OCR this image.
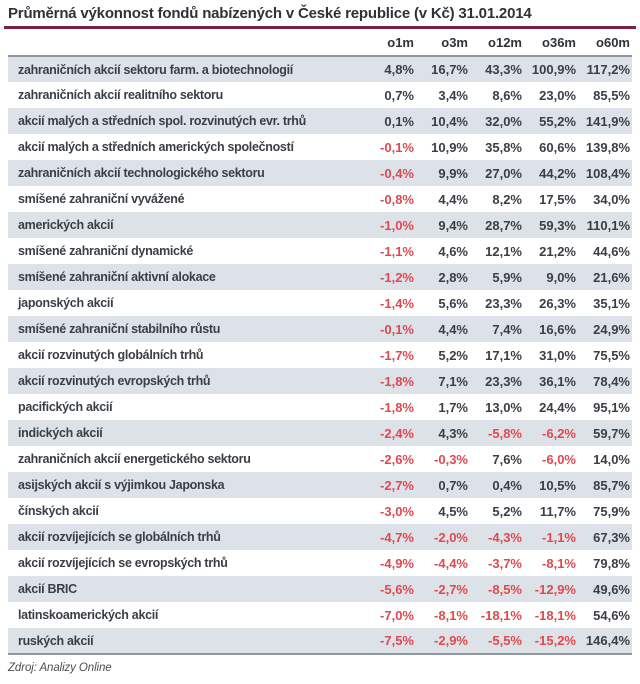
Průměrná výkonnost fondů nabízených v České republice (v Kč) 31.01.2014
	o1m	o3m	o12m	o36m	o60m
zahraničních akcií sektoru farm. a biotechnologií	4,8%	16,7%	43,3%	100,9%	117,2%
zahraničních akcií realitního sektoru	0,7%	3,4%	8,6%	23,0%	85,5%
akcií malých a středních spol. rozvinutých evr. trhů	0,1%	10,4%	32,0%	55,2%	141,9%
akcií malých a středních amerických společností	-0,1%	10,9%	35,8%	60,6%	139,8%
zahraničních akcií technologického sektoru	-0,4%	9,9%	27,0%	44,2%	108,4%
smíšené zahraniční vyvážené	-0,8%	4,4%	8,2%	17,5%	34,0%
amerických akcií	-1,0%	9,4%	28,7%	59,3%	110,1%
smíšené zahraniční dynamické	-1,1%	4,6%	12,1%	21,2%	44,6%
smíšené zahraniční aktivní alokace	-1,2%	2,8%	5,9%	9,0%	21,6%
japonských akcií	-1,4%	5,6%	23,3%	26,3%	35,1%
smíšené zahraniční stabilního růstu	-0,1%	4,4%	7,4%	16,6%	24,9%
akcií rozvinutých globálních trhů	-1,7%	5,2%	17,1%	31,0%	75,5%
akcií rozvinutých evropských trhů	-1,8%	7,1%	23,3%	36,1%	78,4%
pacifických akcií	-1,8%	1,7%	13,0%	24,4%	95,1%
indických akcií	-2,4%	4,3%	-5,8%	-6,2%	59,7%
zahraničních akcií energetického sektoru	-2,6%	-0,3%	7,6%	-6,0%	14,0%
asijských akcií s výjimkou Japonska	-2,7%	0,7%	0,4%	10,5%	85,7%
čínských akcií	-3,0%	4,5%	5,2%	11,7%	75,9%
akcií rozvíjejících se globálních trhů	-4,7%	-2,0%	-4,3%	-1,1%	67,3%
akcií rozvíjejících se evropských trhů	-4,9%	-4,4%	-3,7%	-8,1%	79,8%
akcií BRIC	-5,6%	-2,7%	-8,5%	-12,9%	49,6%
latinskoamerických akcií	-7,0%	-8,1%	-18,1%	-18,1%	54,6%
ruských akcií	-7,5%	-2,9%	-5,5%	-15,2%	146,4%
Zdroj: Analizy Online
